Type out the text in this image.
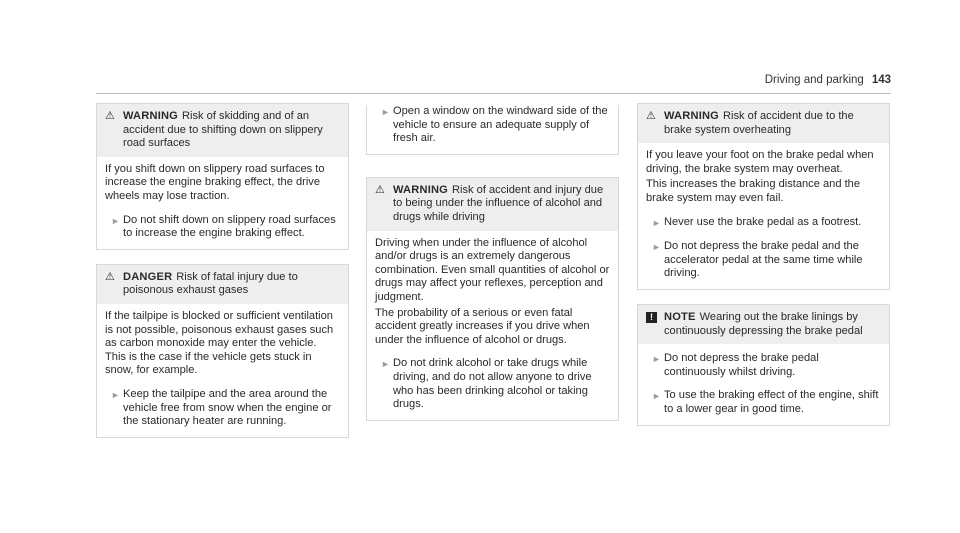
Driving and parking 143
⚠ WARNING Risk of skidding and of an accident due to shifting down on slippery road surfaces

If you shift down on slippery road surfaces to increase the engine braking effect, the drive wheels may lose traction.

► Do not shift down on slippery road surfaces to increase the engine braking effect.
⚠ DANGER Risk of fatal injury due to poisonous exhaust gases

If the tailpipe is blocked or sufficient ventilation is not possible, poisonous exhaust gases such as carbon monoxide may enter the vehicle. This is the case if the vehicle gets stuck in snow, for example.

► Keep the tailpipe and the area around the vehicle free from snow when the engine or the stationary heater are running.
► Open a window on the windward side of the vehicle to ensure an adequate supply of fresh air.
⚠ WARNING Risk of accident and injury due to being under the influence of alcohol and drugs while driving

Driving when under the influence of alcohol and/or drugs is an extremely dangerous combination. Even small quantities of alcohol or drugs may affect your reflexes, perception and judgment.

The probability of a serious or even fatal accident greatly increases if you drive when under the influence of alcohol or drugs.

► Do not drink alcohol or take drugs while driving, and do not allow anyone to drive who has been drinking alcohol or taking drugs.
⚠ WARNING Risk of accident due to the brake system overheating

If you leave your foot on the brake pedal when driving, the brake system may overheat.

This increases the braking distance and the brake system may even fail.

► Never use the brake pedal as a footrest.
► Do not depress the brake pedal and the accelerator pedal at the same time while driving.
! NOTE Wearing out the brake linings by continuously depressing the brake pedal
► Do not depress the brake pedal continuously whilst driving.
► To use the braking effect of the engine, shift to a lower gear in good time.
